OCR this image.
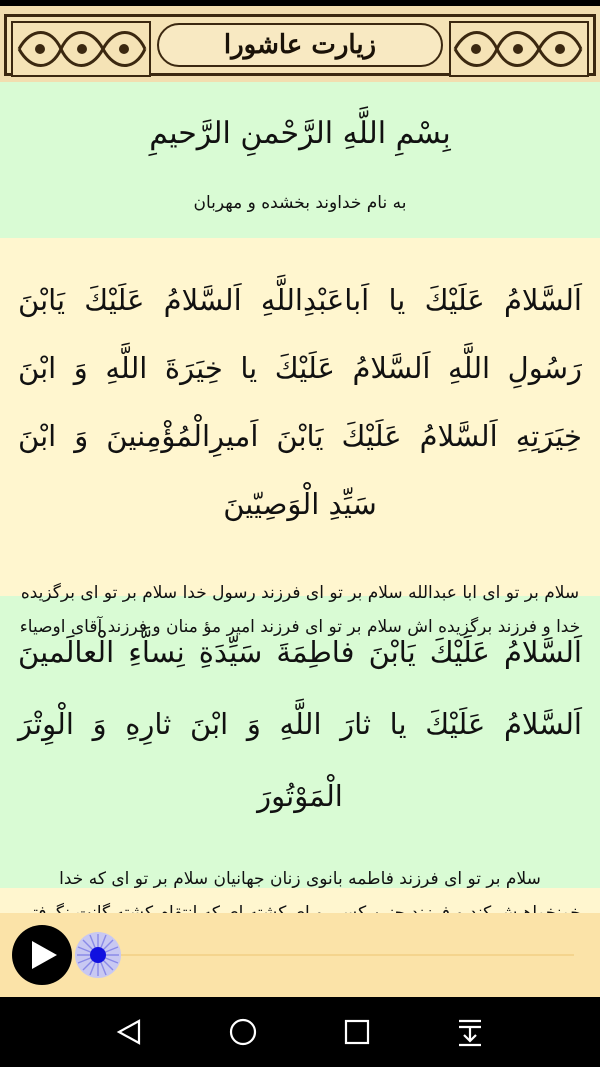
زیارت عاشورا
بِسْمِ اللَّهِ الرَّحْمنِ الرَّحیمِ
به نام خداوند بخشده و مهربان
اَلسَّلامُ عَلَیْكَ یا اَباعَبْدِاللَّهِ اَلسَّلامُ عَلَیْكَ یَابْنَ رَسُولِ اللَّهِ اَلسَّلامُ عَلَیْكَ یا خِیَرَةَ اللَّهِ وَ ابْنَ خِیَرَتِهِ اَلسَّلامُ عَلَیْكَ یَابْنَ اَمیرِالْمُؤْمِنینَ وَ ابْنَ سَیِّدِ الْوَصِیّینَ
سلام بر تو ای ابا عبدالله سلام بر تو ای فرزند رسول خدا سلام بر تو ای برگزیده خدا و فرزند برگزیده اش سلام بر تو ای فرزند امیر مؤ منان و فرزند آقای اوصیاء
اَلسَّلامُ عَلَیْكَ یَابْنَ فاطِمَةَ سَیِّدَةِ نِساَّءِ الْعالَمینَ اَلسَّلامُ عَلَیْكَ یا ثارَ اللَّهِ وَ ابْنَ ثارِهِ وَ الْوِتْرَ الْمَوْتُورَ
سلام بر تو ای فرزند فاطمه بانوی زنان جهانیان سلام بر تو ای که خدا
